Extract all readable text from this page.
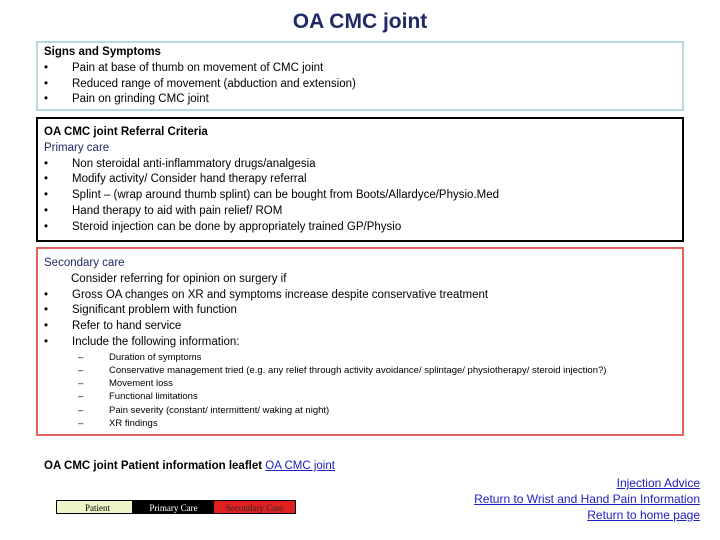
OA CMC joint
Signs and Symptoms
•	Pain at base of thumb on movement of CMC joint
•	Reduced range of movement (abduction and extension)
•	Pain on grinding CMC joint
OA CMC joint Referral Criteria
Primary care
•	Non steroidal anti-inflammatory drugs/analgesia
•	Modify activity/ Consider hand therapy referral
•	Splint – (wrap around thumb splint) can be bought from Boots/Allardyce/Physio.Med
•	Hand therapy to aid with pain relief/ ROM
•	Steroid injection can be done by appropriately trained GP/Physio
Secondary care
Consider referring for opinion on surgery if
•	Gross OA changes on XR and symptoms increase despite conservative treatment
•	Significant problem with function
•	Refer to hand service
•	Include the following information:
–	Duration of symptoms
–	Conservative management tried (e.g. any relief through activity avoidance/ splintage/ physiotherapy/ steroid injection?)
–	Movement loss
–	Functional limitations
–	Pain severity (constant/ intermittent/ waking at night)
–	XR findings
OA CMC joint Patient information leaflet OA CMC joint
Patient	Primary Care	Secondary Care
Injection Advice
Return to Wrist and Hand Pain Information
Return to home page
